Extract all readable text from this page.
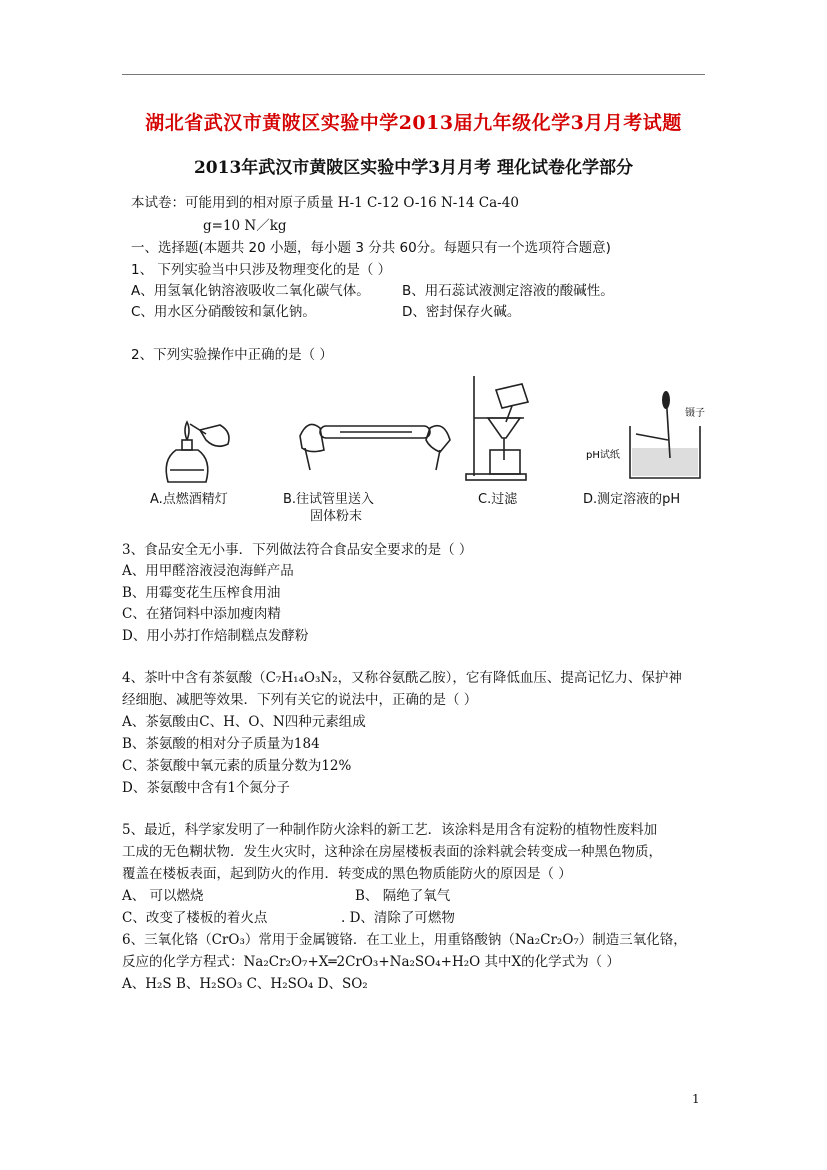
湖北省武汉市黄陂区实验中学2013届九年级化学3月月考试题
2013年武汉市黄陂区实验中学3月月考 理化试卷化学部分
本试卷：可能用到的相对原子质量 H-1 C-12 O-16 N-14 Ca-40
g=10 N／kg
一、选择题(本题共 20 小题，每小题 3 分共 60分。每题只有一个选项符合题意)
1、 下列实验当中只涉及物理变化的是（ ）
A、用氢氧化钠溶液吸收二氧化碳气体。 B、用石蕊试液测定溶液的酸碱性。
C、用水区分硝酸铵和氯化钠。	D、密封保存火碱。
2、下列实验操作中正确的是（ ）
镊子
pH试纸
A.点燃酒精灯	B.往试管里送入
固体粉末
C.过滤	D.测定溶液的pH
3、食品安全无小事．下列做法符合食品安全要求的是（ ）
A、用甲醛溶液浸泡海鲜产品
B、用霉变花生压榨食用油
C、在猪饲料中添加瘦肉精
D、用小苏打作焙制糕点发酵粉
4、茶叶中含有茶氨酸（C₇H₁₄O₃N₂，又称谷氨酰乙胺），它有降低血压、提高记忆力、保护神
经细胞、减肥等效果．下列有关它的说法中，正确的是（ ）
A、茶氨酸由C、H、O、N四种元素组成
B、茶氨酸的相对分子质量为184
C、茶氨酸中氧元素的质量分数为12%
D、茶氨酸中含有1个氮分子
5、最近，科学家发明了一种制作防火涂料的新工艺．该涂料是用含有淀粉的植物性废料加
工成的无色糊状物．发生火灾时，这种涂在房屋楼板表面的涂料就会转变成一种黑色物质，
覆盖在楼板表面，起到防火的作用．转变成的黑色物质能防火的原因是（ ）
A、 可以燃烧	B、 隔绝了氧气
C、改变了楼板的着火点	. D、清除了可燃物
6、三氧化铬（CrO₃）常用于金属镀铬．在工业上，用重铬酸钠（Na₂Cr₂O₇）制造三氧化铬，
反应的化学方程式：Na₂Cr₂O₇+X═2CrO₃+Na₂SO₄+H₂O 其中X的化学式为（ ）
A、H₂S B、H₂SO₃ C、H₂SO₄ D、SO₂
1
